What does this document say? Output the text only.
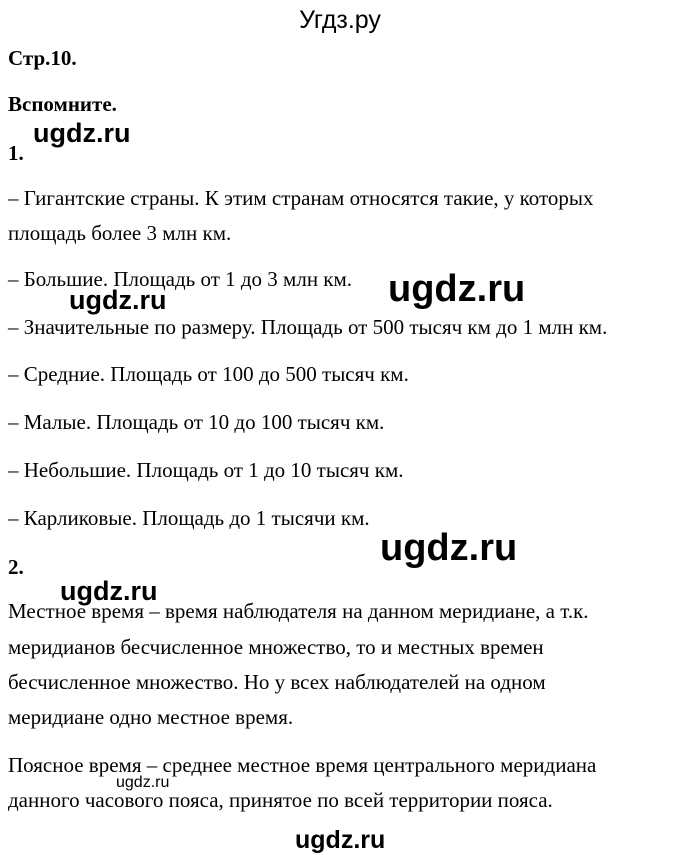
Угдз.ру
Стр.10.
Вспомните.
1.
– Гигантские страны. К этим странам относятся такие, у которых
площадь более 3 млн км.
– Большие. Площадь от 1 до 3 млн км.
– Значительные по размеру. Площадь от 500 тысяч км до 1 млн км.
– Средние. Площадь от 100 до 500 тысяч км.
– Малые. Площадь от 10 до 100 тысяч км.
– Небольшие. Площадь от 1 до 10 тысяч км.
– Карликовые. Площадь до 1 тысячи км.
2.
Местное время – время наблюдателя на данном меридиане, а т.к.
меридианов бесчисленное множество, то и местных времен
бесчисленное множество. Но у всех наблюдателей на одном
меридиане одно местное время.
Поясное время – среднее местное время центрального меридиана
данного часового пояса, принятое по всей территории пояса.
ugdz.ru
ugdz.ru
ugdz.ru
ugdz.ru
ugdz.ru
ugdz.ru
ugdz.ru
